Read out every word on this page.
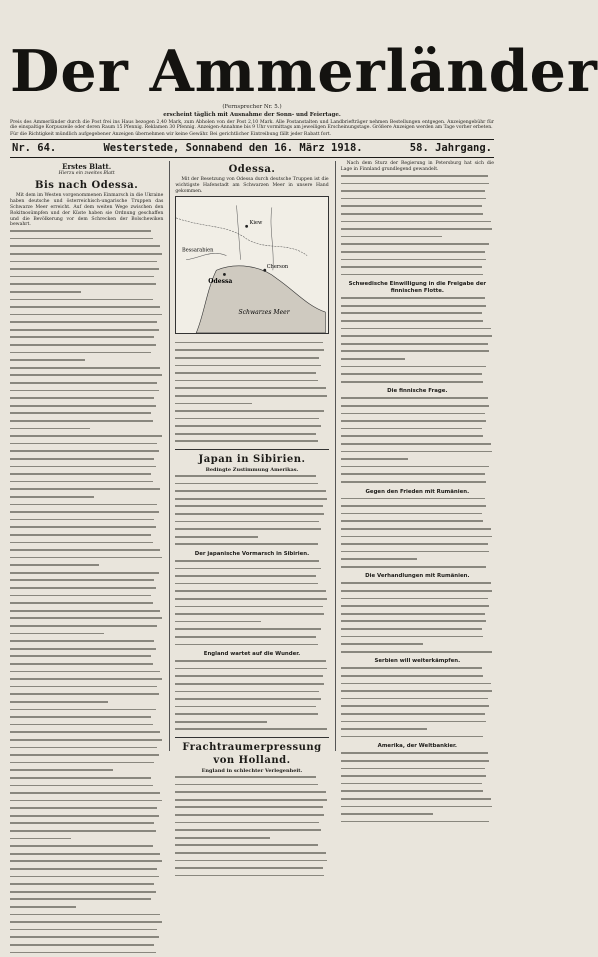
Der Ammerländer
(Fernsprecher Nr. 5.)
erscheint täglich mit Ausnahme der Sonn- und Feiertage.
Preis des Ammerländer durch die Post frei ins Haus bezogen 2,40 Mark, zum Abholen von der Post 2,10 Mark. Alle Postanstalten und Landbriefträger nehmen Bestellungen entgegen. Anzeigengebühr für die einspaltige Korpuszeile oder deren Raum 15 Pfennig. Reklamen 30 Pfennig. Anzeigen-Annahme bis 9 Uhr vormittags am jeweiligen Erscheinungstage. Größere Anzeigen werden am Tage vorher erbeten.
Für die Richtigkeit mündlich aufgegebener Anzeigen übernehmen wir keine Gewähr. Bei gerichtlicher Eintreibung fällt jeder Rabatt fort.
Nr. 64.	Westerstede, Sonnabend den 16. März 1918.	58. Jahrgang.
Erstes Blatt.
Hierzu ein zweites Blatt
Bis nach Odessa.

Mit dem im Westen vorgenommenen Einmarsch in die Ukraine haben deutsche und österreichisch-ungarische Truppen das Schwarze Meer erreicht. Auf dem weiten Wege zwischen den Rokitnosümpfen und der Küste haben sie Ordnung geschaffen und die Bevölkerung vor dem Schrecken der Bolschewiken bewahrt.

Odessa.

Mit der Besetzung von Odessa durch deutsche Truppen ist die wichtigste Hafenstadt am Schwarzen Meer in unsere Hand gekommen.

Kiew
Bessarabien
Odessa
Cherson
Schwarzes Meer
Japan in Sibirien.
Bedingte Zustimmung Amerikas.
Der japanische Vormarsch in Sibirien.
England wartet auf die Wunder.
Frachtraumerpressung von Holland.
England in schlechter Verlegenheit.

Nach dem Sturz der Regierung in Petersburg hat sich die Lage in Finnland grundlegend gewandelt.

Schwedische Einwilligung in die Freigabe der finnischen Flotte.
Die finnische Frage.
Gegen den Frieden mit Rumänien.
Die Verhandlungen mit Rumänien.
Serbien will weiterkämpfen.
Amerika, der Weltbankier.
